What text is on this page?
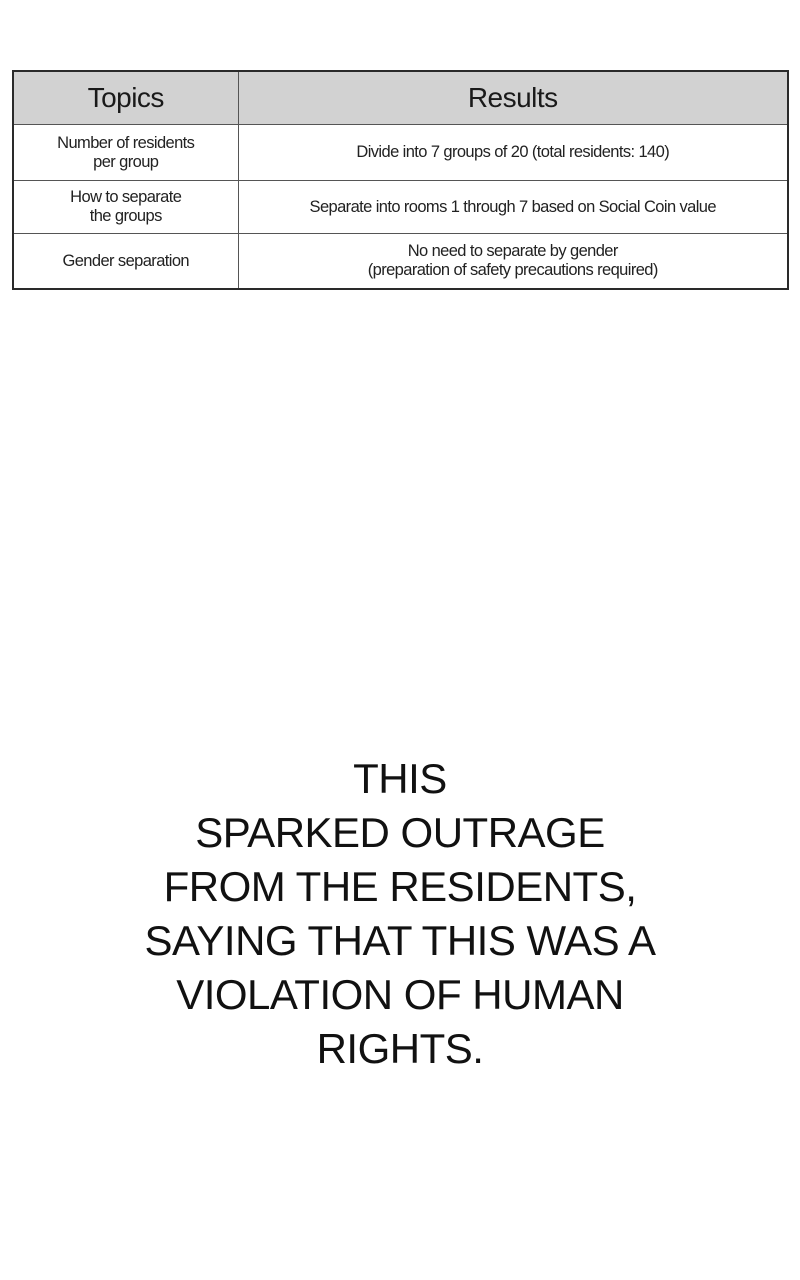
Topics	Results
Number of residents
per group	Divide into 7 groups of 20 (total residents: 140)
How to separate
the groups	Separate into rooms 1 through 7 based on Social Coin value
Gender separation	No need to separate by gender
(preparation of safety precautions required)

THIS
SPARKED OUTRAGE
FROM THE RESIDENTS,
SAYING THAT THIS WAS A
VIOLATION OF HUMAN
RIGHTS.
